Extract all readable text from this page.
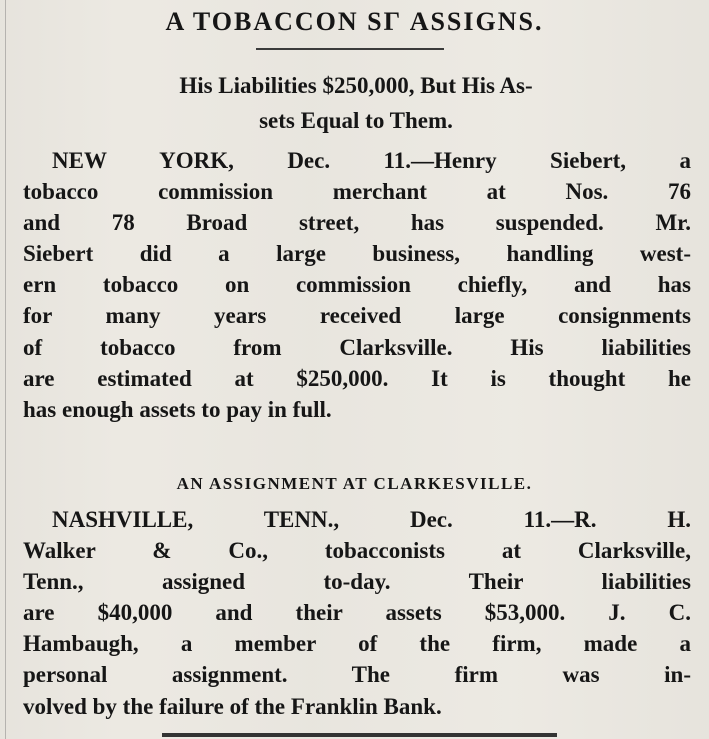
A TOBACCON SΓ ASSIGNS.
His Liabilities $250,000, But His As-
sets Equal to Them.
NEW YORK, Dec. 11.—Henry Siebert, a
tobacco commission merchant at Nos. 76
and 78 Broad street, has suspended. Mr.
Siebert did a large business, handling west-
ern tobacco on commission chiefly, and has
for many years received large consignments
of tobacco from Clarksville. His liabilities
are estimated at $250,000. It is thought he
has enough assets to pay in full.
AN ASSIGNMENT AT CLARKESVILLE.
NASHVILLE, TENN., Dec. 11.—R. H.
Walker & Co., tobacconists at Clarksville,
Tenn., assigned to-day. Their liabilities
are $40,000 and their assets $53,000. J. C.
Hambaugh, a member of the firm, made a
personal assignment. The firm was in-
volved by the failure of the Franklin Bank.
